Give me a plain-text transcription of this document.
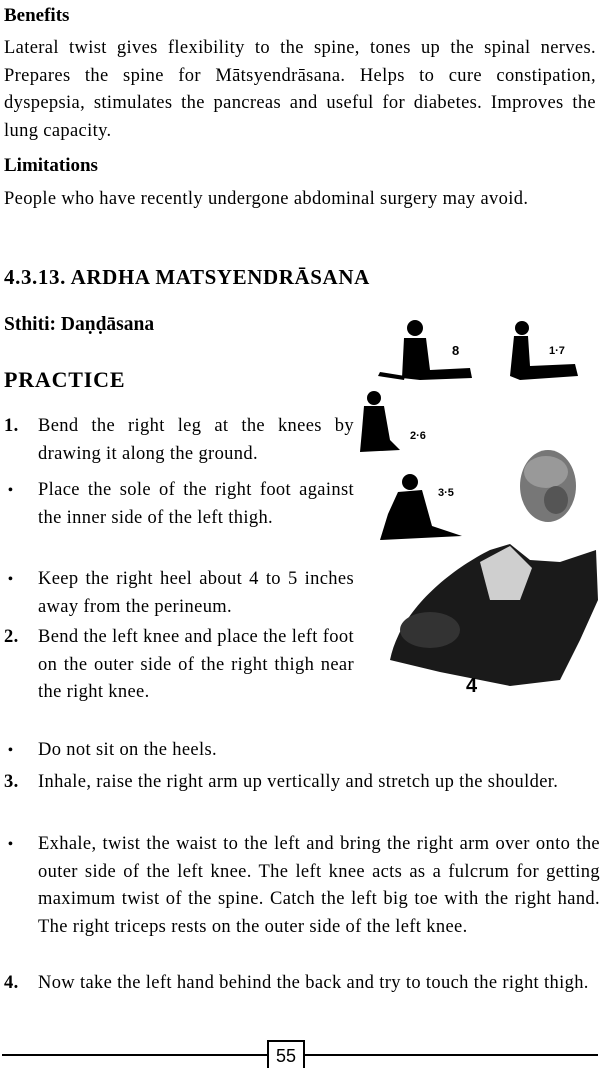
Benefits
Lateral twist gives flexibility to the spine, tones up the spinal nerves. Prepares the spine for Mātsyendrāsana. Helps to cure constipation, dyspepsia, stimulates the pancreas and useful for diabetes. Improves the lung capacity.
Limitations
People who have recently undergone abdominal surgery may avoid.
4.3.13. ARDHA MATSYENDRĀSANA
Sthiti: Daṇḍāsana
PRACTICE
1.	Bend the right leg at the knees by drawing it along the ground.
•	Place the sole of the right foot against the inner side of the left thigh.
•	Keep the right heel about 4 to 5 inches away from the perineum.
2.	Bend the left knee and place the left foot on the outer side of the right thigh near the right knee.
•	Do not sit on the heels.
3.	Inhale, raise the right arm up vertically and stretch up the shoulder.
•	Exhale, twist the waist to the left and bring the right arm over onto the outer side of the left knee. The left knee acts as a fulcrum for getting maximum twist of the spine. Catch the left big toe with the right hand. The right triceps rests on the outer side of the left knee.
4.	Now take the left hand behind the back and try to touch the right thigh.
8	1·7
2·6
3·5
4
55
